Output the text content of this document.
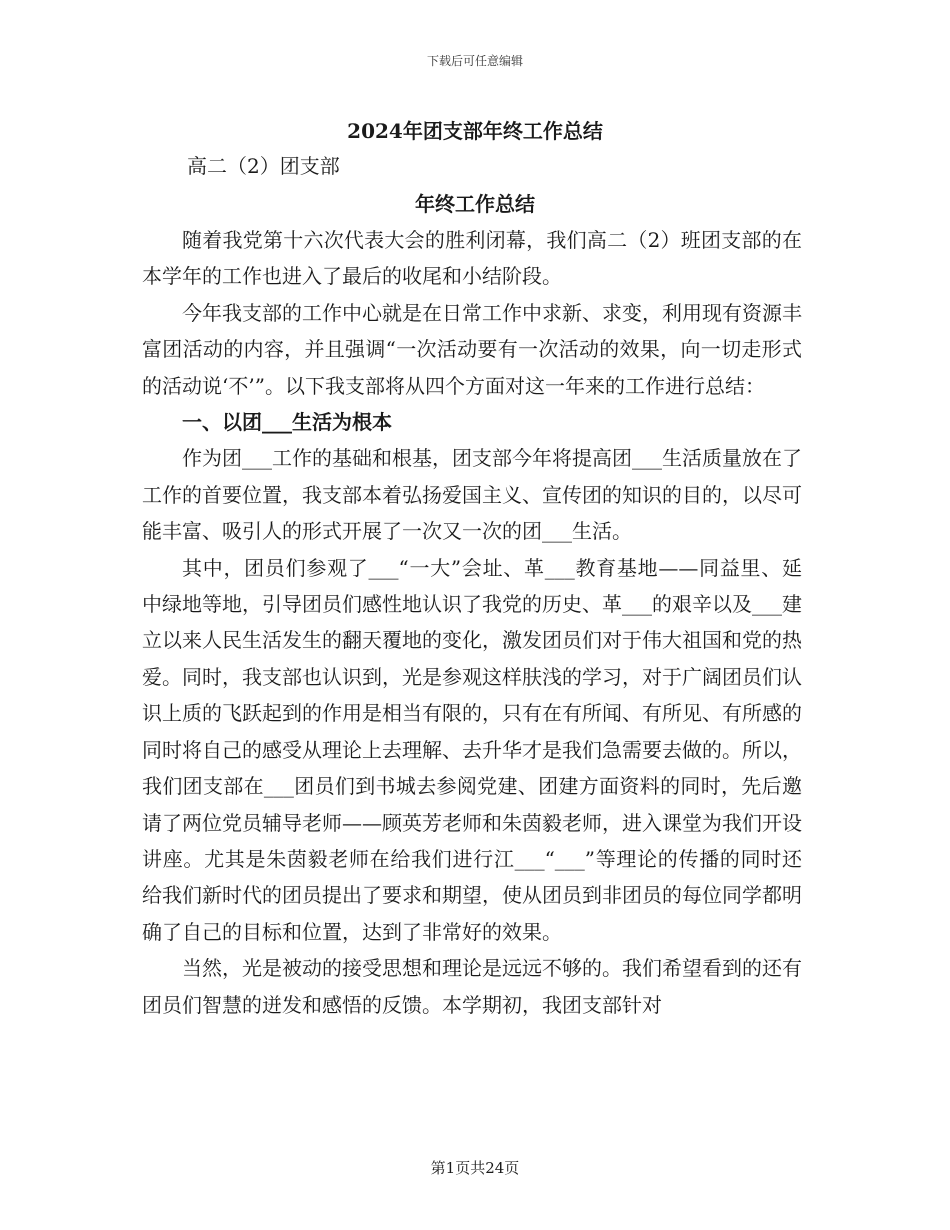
下载后可任意编辑
2024年团支部年终工作总结
高二（2）团支部
年终工作总结

随着我党第十六次代表大会的胜利闭幕，我们高二（2）班团支部的在本学年的工作也进入了最后的收尾和小结阶段。

今年我支部的工作中心就是在日常工作中求新、求变，利用现有资源丰富团活动的内容，并且强调“一次活动要有一次活动的效果，向一切走形式的活动说‘不’”。以下我支部将从四个方面对这一年来的工作进行总结：

一、以团___生活为根本

作为团___工作的基础和根基，团支部今年将提高团___生活质量放在了工作的首要位置，我支部本着弘扬爱国主义、宣传团的知识的目的，以尽可能丰富、吸引人的形式开展了一次又一次的团___生活。

其中，团员们参观了___“一大”会址、革___教育基地——同益里、延中绿地等地，引导团员们感性地认识了我党的历史、革___的艰辛以及___建立以来人民生活发生的翻天覆地的变化，激发团员们对于伟大祖国和党的热爱。同时，我支部也认识到，光是参观这样肤浅的学习，对于广阔团员们认识上质的飞跃起到的作用是相当有限的，只有在有所闻、有所见、有所感的同时将自己的感受从理论上去理解、去升华才是我们急需要去做的。所以，我们团支部在___团员们到书城去参阅党建、团建方面资料的同时，先后邀请了两位党员辅导老师——顾英芳老师和朱茵毅老师，进入课堂为我们开设讲座。尤其是朱茵毅老师在给我们进行江___“___”等理论的传播的同时还给我们新时代的团员提出了要求和期望，使从团员到非团员的每位同学都明确了自己的目标和位置，达到了非常好的效果。

当然，光是被动的接受思想和理论是远远不够的。我们希望看到的还有团员们智慧的迸发和感悟的反馈。本学期初，我团支部针对

第1页共24页
